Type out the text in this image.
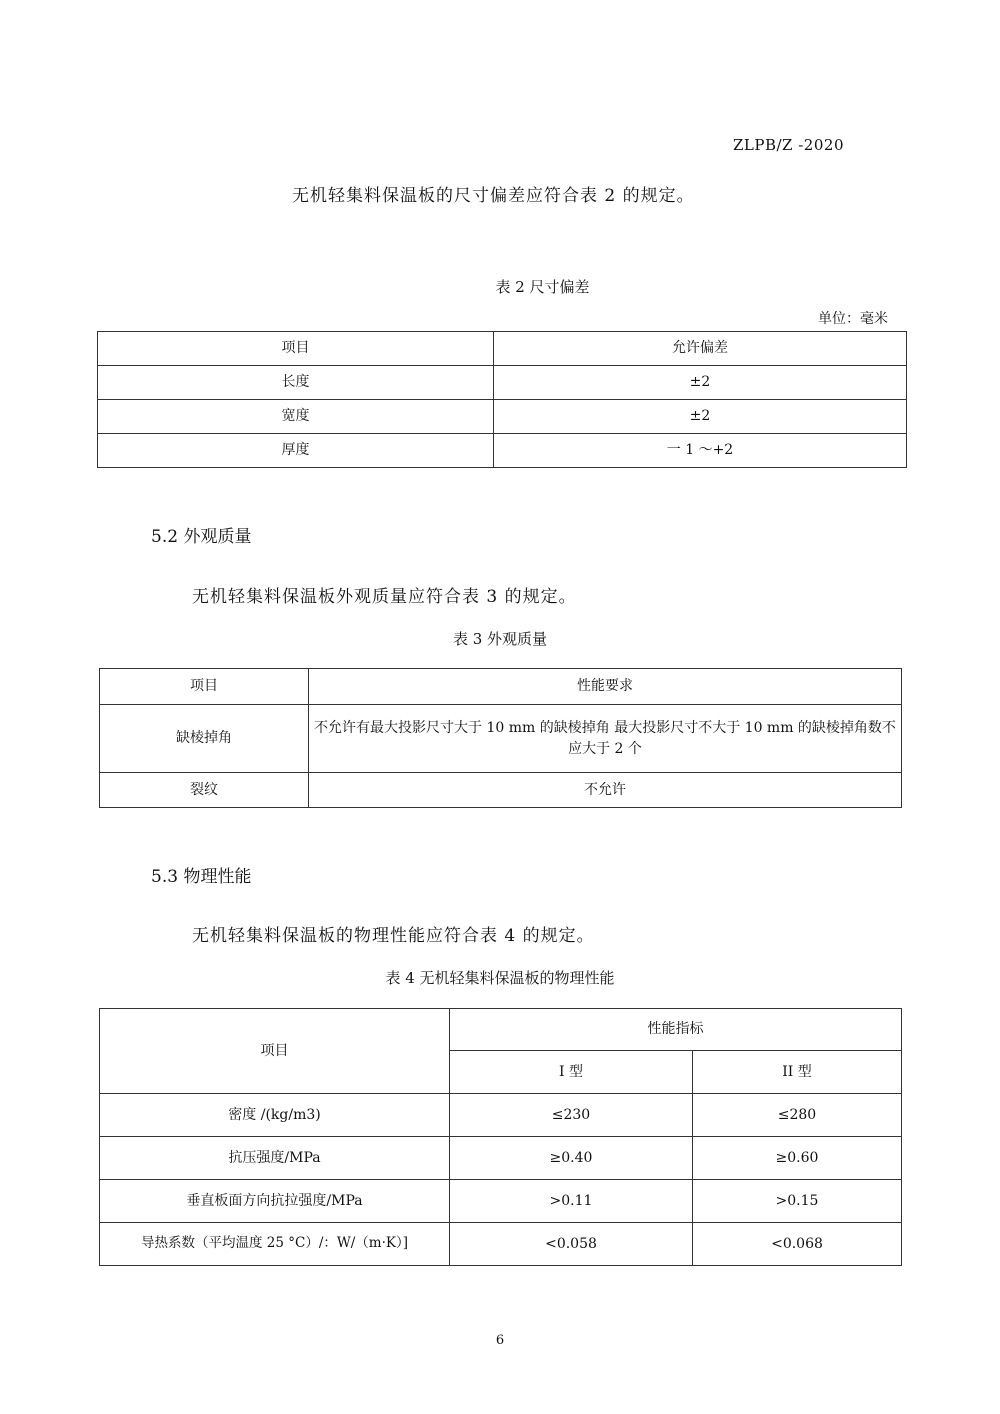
ZLPB/Z -2020
无机轻集料保温板的尺寸偏差应符合表 2 的规定。
表 2 尺寸偏差
单位：毫米
项目	允许偏差
长度	±2
宽度	±2
厚度	一 1 ～+2
5.2 外观质量
无机轻集料保温板外观质量应符合表 3 的规定。
表 3 外观质量
项目	性能要求
缺棱掉角	不允许有最大投影尺寸大于 10 mm 的缺棱掉角 最大投影尺寸不大于 10 mm 的缺棱掉角数不应大于 2 个
裂纹	不允许
5.3 物理性能
无机轻集料保温板的物理性能应符合表 4 的规定。
表 4 无机轻集料保温板的物理性能
项目	性能指标	
	I 型	II 型
密度 /(kg/m3)	≤230	≤280
抗压强度/MPa	≥0.40	≥0.60
垂直板面方向抗拉强度/MPa	>0.11	>0.15
导热系数（平均温度 25 °C）/：W/（m‧K）]	<0.058	<0.068
6
